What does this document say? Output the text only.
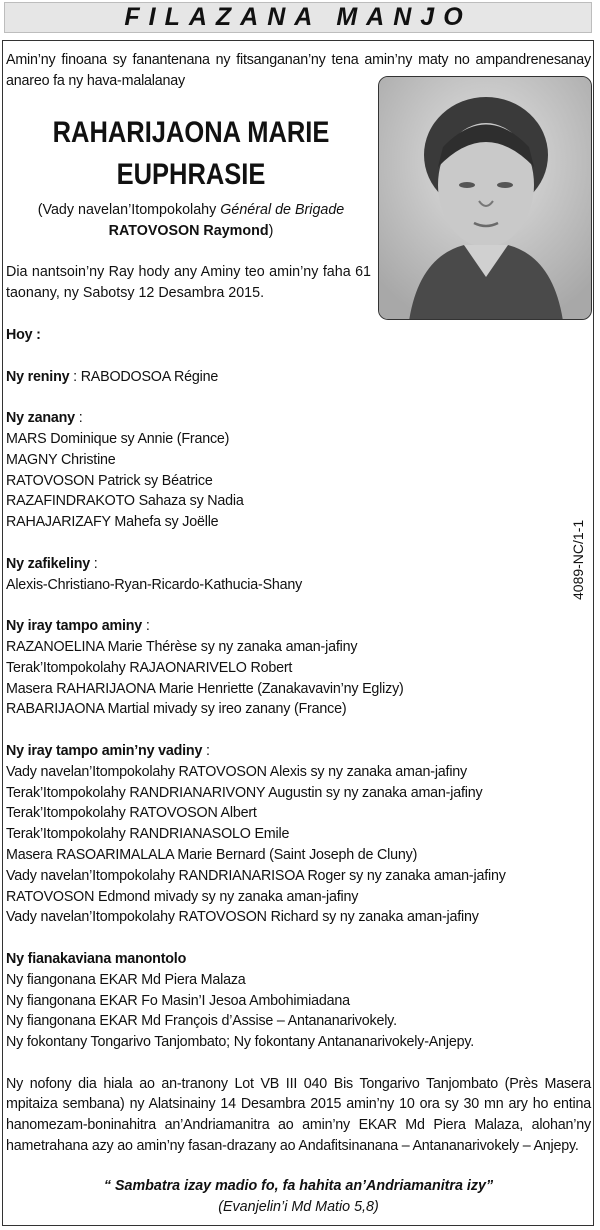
FILAZANA MANJO
Amin’ny finoana sy fanantenana ny fitsanganan’ny tena amin’ny maty no ampandrenesanay anareo fa ny hava-malalanay
RAHARIJAONA MARIE
EUPHRASIE
(Vady navelan’Itompokolahy Général de Brigade
RATOVOSON Raymond)
Dia nantsoin’ny Ray hody any Aminy teo amin’ny faha 61 taonany, ny Sabotsy 12 Desambra 2015.

Hoy :

Ny reniny : RABODOSOA Régine

Ny zanany :

MARS Dominique sy Annie (France)

MAGNY Christine

RATOVOSON Patrick sy Béatrice

RAZAFINDRAKOTO Sahaza sy Nadia

RAHAJARIZAFY Mahefa sy Joëlle

Ny zafikeliny :

Alexis-Christiano-Ryan-Ricardo-Kathucia-Shany

Ny iray tampo aminy :

RAZANOELINA Marie Thérèse sy ny zanaka aman-jafiny

Terak’Itompokolahy RAJAONARIVELO Robert

Masera RAHARIJAONA Marie Henriette (Zanakavavin’ny Eglizy)

RABARIJAONA Martial mivady sy ireo zanany (France)

Ny iray tampo amin’ny vadiny :

Vady navelan’Itompokolahy RATOVOSON Alexis sy ny zanaka aman-jafiny

Terak’Itompokolahy RANDRIANARIVONY Augustin sy ny zanaka aman-jafiny

Terak’Itompokolahy RATOVOSON Albert

Terak’Itompokolahy RANDRIANASOLO Emile

Masera RASOARIMALALA Marie Bernard (Saint Joseph de Cluny)

Vady navelan’Itompokolahy RANDRIANARISOA Roger sy ny zanaka aman-jafiny

RATOVOSON Edmond mivady sy ny zanaka aman-jafiny

Vady navelan’Itompokolahy RATOVOSON Richard sy ny zanaka aman-jafiny

Ny fianakaviana manontolo

Ny fiangonana EKAR Md Piera Malaza

Ny fiangonana EKAR Fo Masin’I Jesoa Ambohimiadana

Ny fiangonana EKAR Md François d’Assise – Antananarivokely.

Ny fokontany Tongarivo Tanjombato; Ny fokontany Antananarivokely-Anjepy.

Ny nofony dia hiala ao an-tranony Lot VB III 040 Bis Tongarivo Tanjombato (Près Masera mpitaiza sembana) ny Alatsinainy 14 Desambra 2015 amin’ny 10 ora sy 30 mn ary ho entina hanomezam-boninahitra an’Andriamanitra ao amin’ny EKAR Md Piera Malaza, alohan’ny hametrahana azy ao amin’ny fasan-drazany ao Andafitsinanana – Antananarivokely – Anjepy.

4089-NC/1-1
“ Sambatra izay madio fo, fa hahita an’Andriamanitra izy”
(Evanjelin’i Md Matio 5,8)
